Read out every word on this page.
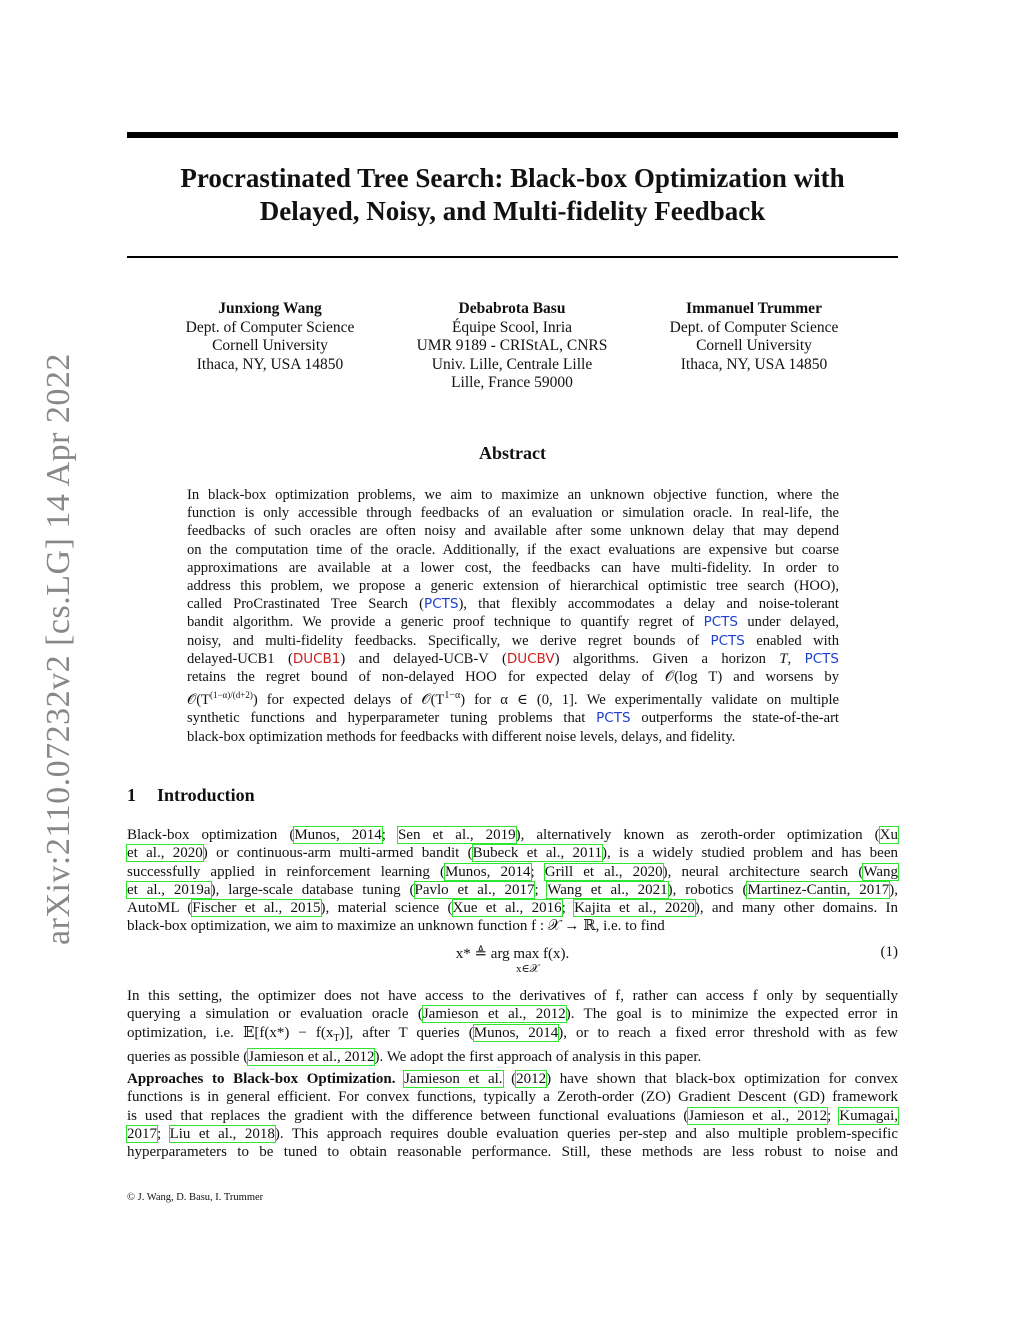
Procrastinated Tree Search: Black-box Optimization with
Delayed, Noisy, and Multi-fidelity Feedback
arXiv:2110.07232v2 [cs.LG] 14 Apr 2022
Junxiong Wang
Dept. of Computer Science
Cornell University
Ithaca, NY, USA 14850
Debabrota Basu
Équipe Scool, Inria
UMR 9189 - CRIStAL, CNRS
Univ. Lille, Centrale Lille
Lille, France 59000
Immanuel Trummer
Dept. of Computer Science
Cornell University
Ithaca, NY, USA 14850
Abstract
In black-box optimization problems, we aim to maximize an unknown objective function, where the
function is only accessible through feedbacks of an evaluation or simulation oracle. In real-life, the
feedbacks of such oracles are often noisy and available after some unknown delay that may depend
on the computation time of the oracle. Additionally, if the exact evaluations are expensive but coarse
approximations are available at a lower cost, the feedbacks can have multi-fidelity. In order to
address this problem, we propose a generic extension of hierarchical optimistic tree search (HOO),
called ProCrastinated Tree Search (PCTS), that flexibly accommodates a delay and noise-tolerant
bandit algorithm. We provide a generic proof technique to quantify regret of PCTS under delayed,
noisy, and multi-fidelity feedbacks. Specifically, we derive regret bounds of PCTS enabled with
delayed-UCB1 (DUCB1) and delayed-UCB-V (DUCBV) algorithms. Given a horizon T, PCTS
retains the regret bound of non-delayed HOO for expected delay of 𝒪(log T) and worsens by
$𝒪(T^{(1-\alpha)/(d+2)})$ for expected delays of $𝒪(T^{1-\alpha})$ for α ∈ (0, 1]. We experimentally validate on multiple
synthetic functions and hyperparameter tuning problems that PCTS outperforms the state-of-the-art
black-box optimization methods for feedbacks with different noise levels, delays, and fidelity.
1 Introduction
Black-box optimization (Munos, 2014; Sen et al., 2019), alternatively known as zeroth-order optimization (Xu
et al., 2020) or continuous-arm multi-armed bandit (Bubeck et al., 2011), is a widely studied problem and has been
successfully applied in reinforcement learning (Munos, 2014; Grill et al., 2020), neural architecture search (Wang
et al., 2019a), large-scale database tuning (Pavlo et al., 2017; Wang et al., 2021), robotics (Martinez-Cantin, 2017),
AutoML (Fischer et al., 2015), material science (Xue et al., 2016; Kajita et al., 2020), and many other domains. In
black-box optimization, we aim to maximize an unknown function f : 𝒳 → ℝ, i.e. to find
x* ≜ arg max f(x).
x∈𝒳
(1)
In this setting, the optimizer does not have access to the derivatives of f, rather can access f only by sequentially
querying a simulation or evaluation oracle (Jamieson et al., 2012). The goal is to minimize the expected error in
optimization, i.e. 𝔼[f(x*) − $f(x_T)$], after T queries (Munos, 2014), or to reach a fixed error threshold with as few
queries as possible (Jamieson et al., 2012). We adopt the first approach of analysis in this paper.
Approaches to Black-box Optimization. Jamieson et al. (2012) have shown that black-box optimization for convex
functions is in general efficient. For convex functions, typically a Zeroth-order (ZO) Gradient Descent (GD) framework
is used that replaces the gradient with the difference between functional evaluations (Jamieson et al., 2012; Kumagai,
2017; Liu et al., 2018). This approach requires double evaluation queries per-step and also multiple problem-specific
hyperparameters to be tuned to obtain reasonable performance. Still, these methods are less robust to noise and
© J. Wang, D. Basu, I. Trummer
